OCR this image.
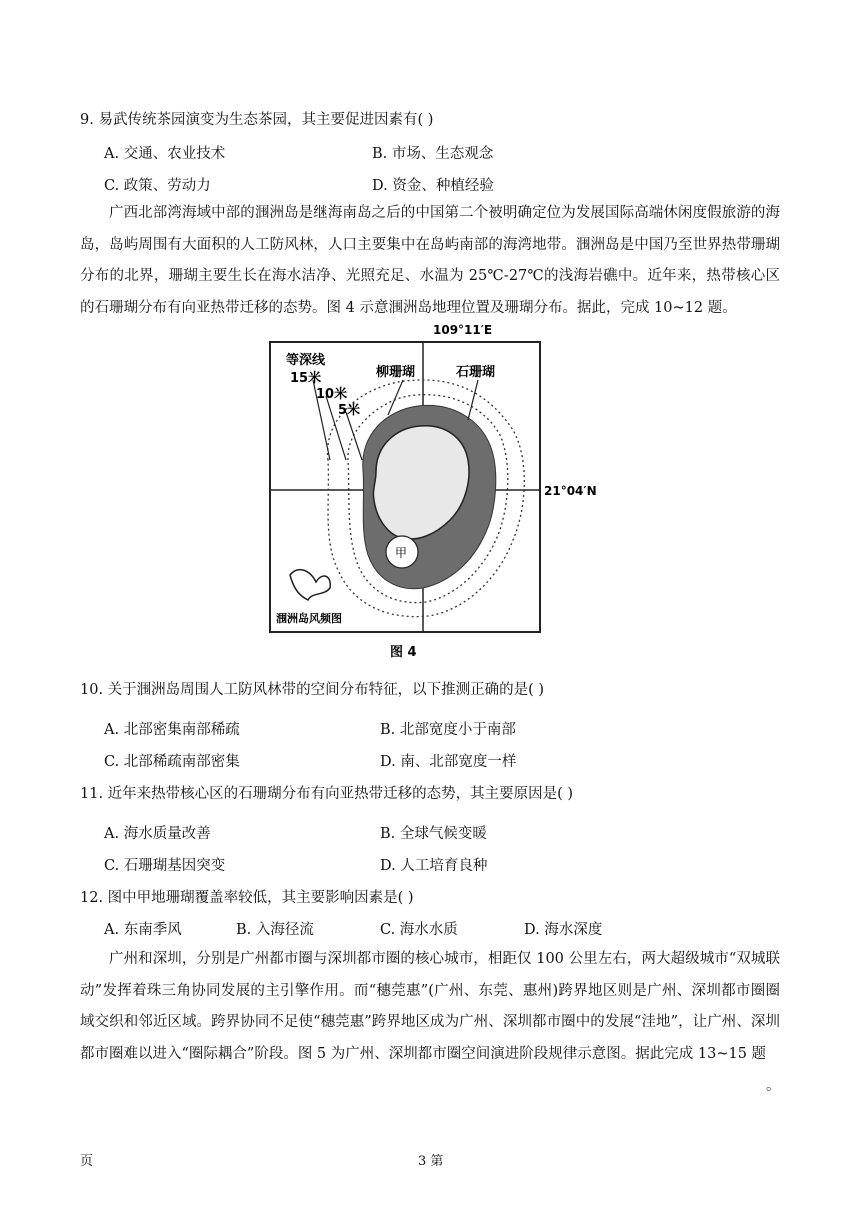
9. 易武传统茶园演变为生态茶园，其主要促进因素有( )
A. 交通、农业技术	B. 市场、生态观念
C. 政策、劳动力	D. 资金、种植经验
广西北部湾海域中部的涠洲岛是继海南岛之后的中国第二个被明确定位为发展国际高端休闲度假旅游的海岛，岛屿周围有大面积的人工防风林，人口主要集中在岛屿南部的海湾地带。涠洲岛是中国乃至世界热带珊瑚分布的北界，珊瑚主要生长在海水洁净、光照充足、水温为 25℃-27℃的浅海岩礁中。近年来，热带核心区的石珊瑚分布有向亚热带迁移的态势。图 4 示意涠洲岛地理位置及珊瑚分布。据此，完成 10~12 题。
109°11′E
21°04′N
等深线
15米
10米
5米
柳珊瑚	石珊瑚
甲
涠洲岛风频图
图 4
10. 关于涠洲岛周围人工防风林带的空间分布特征，以下推测正确的是( )
A. 北部密集南部稀疏	B. 北部宽度小于南部
C. 北部稀疏南部密集	D. 南、北部宽度一样
11. 近年来热带核心区的石珊瑚分布有向亚热带迁移的态势，其主要原因是( )
A. 海水质量改善	B. 全球气候变暖
C. 石珊瑚基因突变	D. 人工培育良种
12. 图中甲地珊瑚覆盖率较低，其主要影响因素是( )
A. 东南季风	B. 入海径流	C. 海水水质	D. 海水深度
广州和深圳，分别是广州都市圈与深圳都市圈的核心城市，相距仅 100 公里左右，两大超级城市“双城联动”发挥着珠三角协同发展的主引擎作用。而“穗莞惠”(广州、东莞、惠州)跨界地区则是广州、深圳都市圈圈域交织和邻近区域。跨界协同不足使“穗莞惠”跨界地区成为广州、深圳都市圈中的发展“洼地”，让广州、深圳都市圈难以进入“圈际耦合”阶段。图 5 为广州、深圳都市圈空间演进阶段规律示意图。据此完成 13~15 题
。
页	3 第
